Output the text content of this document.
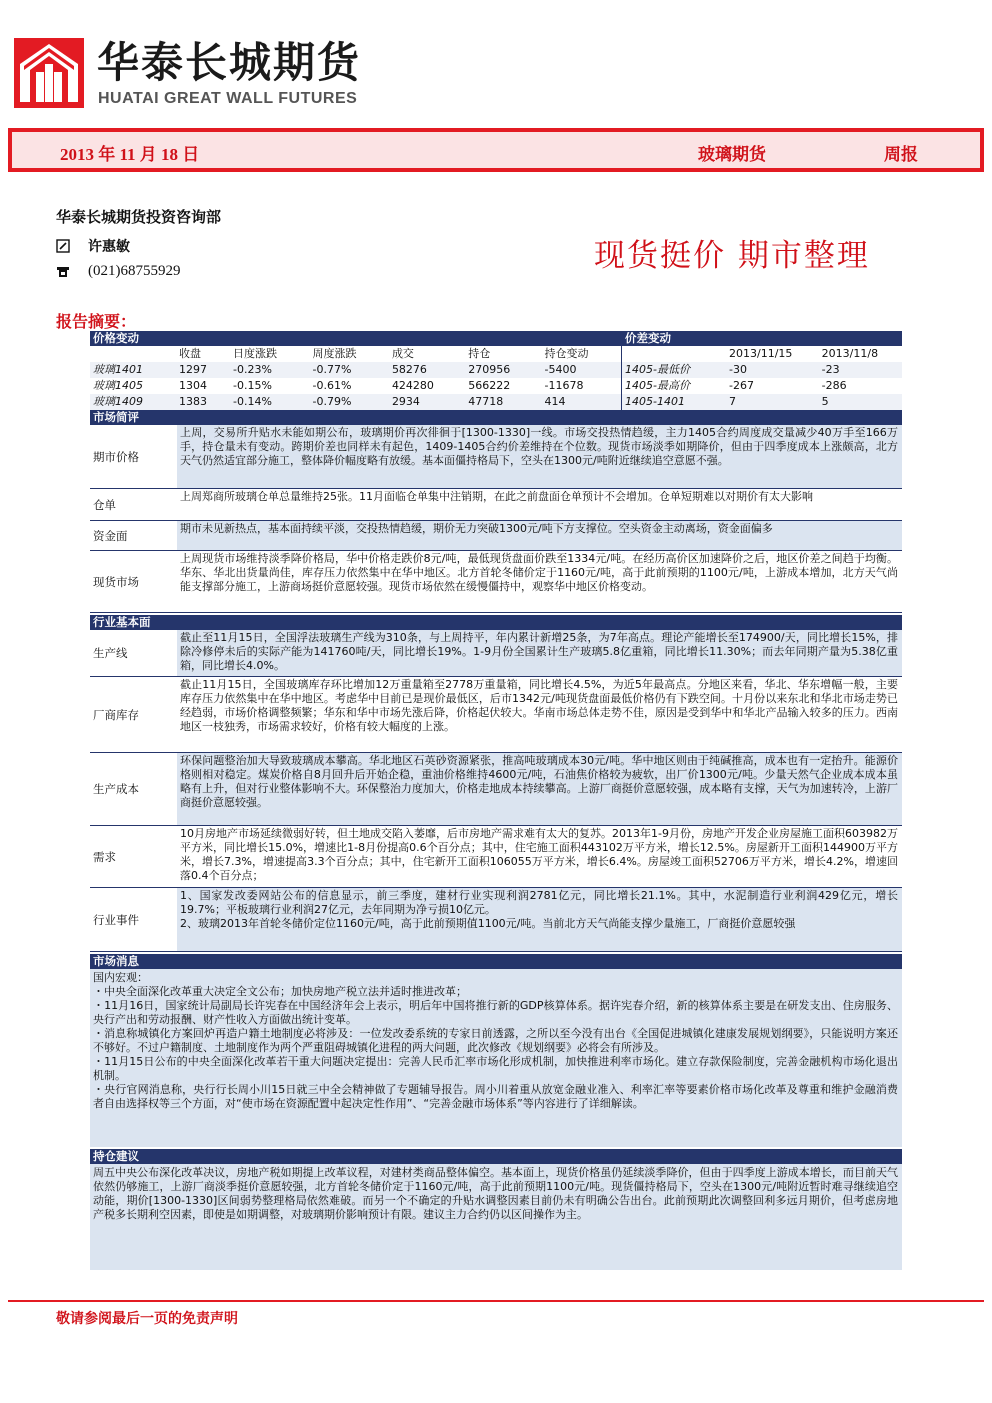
华泰长城期货
HUATAI GREAT WALL FUTURES
2013 年 11 月 18 日	玻璃期货	周报
华泰长城期货投资咨询部
许惠敏
(021)68755929	现货挺价 期市整理
报告摘要：
价格变动
	收盘	日度涨跌	周度涨跌	成交	持仓	持仓变动
玻璃1401	1297	-0.23%	-0.77%	58276	270956	-5400
玻璃1405	1304	-0.15%	-0.61%	424280	566222	-11678
玻璃1409	1383	-0.14%	-0.79%	2934	47718	414
价差变动
	2013/11/15	2013/11/8
1405-最低价	-30	-23
1405-最高价	-267	-286
1405-1401	7	5
市场简评
期市价格
上周，交易所升贴水未能如期公布，玻璃期价再次徘徊于[1300-1330]一线。市场交投热情趋缓，主力1405合约周度成交量减少40万手至166万手，持仓量未有变动。跨期价差也同样未有起色，1409-1405合约价差维持在个位数。现货市场淡季如期降价，但由于四季度成本上涨颇高，北方天气仍然适宜部分施工，整体降价幅度略有放缓。基本面僵持格局下，空头在1300元/吨附近继续追空意愿不强。
仓单
上周郑商所玻璃仓单总量维持25张。11月面临仓单集中注销期，在此之前盘面仓单预计不会增加。仓单短期难以对期价有太大影响
资金面	期市未见新热点，基本面持续平淡，交投热情趋缓，期价无力突破1300元/吨下方支撑位。空头资金主动离场，资金面偏多
现货市场
上周现货市场维持淡季降价格局，华中价格走跌价8元/吨，最低现货盘面价跌至1334元/吨。在经历高价区加速降价之后，地区价差之间趋于均衡。华东、华北出货量尚佳，库存压力依然集中在华中地区。北方首轮冬储价定于1160元/吨，高于此前预期的1100元/吨，上游成本增加，北方天气尚能支撑部分施工，上游商场挺价意愿较强。现货市场依然在缓慢僵持中，观察华中地区价格变动。
行业基本面
生产线
截止至11月15日，全国浮法玻璃生产线为310条，与上周持平，年内累计新增25条，为7年高点。理论产能增长至174900/天，同比增长15%，排除冷修停未后的实际产能为141760吨/天，同比增长19%。1-9月份全国累计生产玻璃5.8亿重箱，同比增长11.30%；而去年同期产量为5.38亿重箱，同比增长4.0%。
厂商库存
截止11月15日，全国玻璃库存环比增加12万重量箱至2778万重量箱，同比增长4.5%，为近5年最高点。分地区来看，华北、华东增幅一般，主要库存压力依然集中在华中地区。考虑华中目前已是现价最低区，后市1342元/吨现货盘面最低价格仍有下跌空间。十月份以来东北和华北市场走势已经趋弱，市场价格调整频繁；华东和华中市场先涨后降，价格起伏较大。华南市场总体走势不佳，原因是受到华中和华北产品输入较多的压力。西南地区一枝独秀，市场需求较好，价格有较大幅度的上涨。
生产成本
环保问题整治加大导致玻璃成本攀高。华北地区石英砂资源紧张，推高吨玻璃成本30元/吨。华中地区则由于纯碱推高，成本也有一定抬升。能源价格则相对稳定。煤炭价格自8月回升后开始企稳，重油价格维持4600元/吨，石油焦价格较为疲软，出厂价1300元/吨。少量天然气企业成本成本虽略有上升，但对行业整体影响不大。环保整治力度加大，价格走地成本持续攀高。上游厂商挺价意愿较强，成本略有支撑，天气为加速转冷，上游厂商挺价意愿较强。
需求
10月房地产市场延续微弱好转，但土地成交陷入萎靡，后市房地产需求难有太大的复苏。2013年1-9月份，房地产开发企业房屋施工面积603982万平方米，同比增长15.0%，增速比1-8月份提高0.6个百分点；其中，住宅施工面积443102万平方米，增长12.5%。房屋新开工面积144900万平方米，增长7.3%，增速提高3.3个百分点；其中，住宅新开工面积106055万平方米，增长6.4%。房屋竣工面积52706万平方米，增长4.2%，增速回落0.4个百分点；
行业事件
1、国家发改委网站公布的信息显示，前三季度，建材行业实现利润2781亿元，同比增长21.1%。其中，水泥制造行业利润429亿元，增长19.7%；平板玻璃行业利润27亿元，去年同期为净亏损10亿元。
2、玻璃2013年首轮冬储价定位1160元/吨，高于此前预期值1100元/吨。当前北方天气尚能支撑少量施工，厂商挺价意愿较强
市场消息
国内宏观：
・中央全面深化改革重大决定全文公布；加快房地产税立法并适时推进改革；
・11月16日，国家统计局副局长许宪春在中国经济年会上表示，明后年中国将推行新的GDP核算体系。据许宪春介绍，新的核算体系主要是在研发支出、住房服务、央行产出和劳动报酬、财产性收入方面做出统计变革。
・消息称城镇化方案回炉再造户籍土地制度必将涉及：一位发改委系统的专家日前透露，之所以至今没有出台《全国促进城镇化建康发展规划纲要》，只能说明方案还不够好。不过户籍制度、土地制度作为两个严重阻碍城镇化进程的两大问题，此次修改《规划纲要》必将会有所涉及。
・11月15日公布的中央全面深化改革若干重大问题决定提出：完善人民币汇率市场化形成机制，加快推进利率市场化。建立存款保险制度，完善金融机构市场化退出机制。
・央行官网消息称，央行行长周小川15日就三中全会精神做了专题辅导报告。周小川着重从放宽金融业准入、利率汇率等要素价格市场化改革及尊重和维护金融消费者自由选择权等三个方面，对“使市场在资源配置中起决定性作用”、“完善金融市场体系”等内容进行了详细解读。
持仓建议
周五中央公布深化改革决议，房地产税如期提上改革议程，对建材类商品整体偏空。基本面上，现货价格虽仍延续淡季降价，但由于四季度上游成本增长，而目前天气依然仍够施工，上游厂商淡季挺价意愿较强，北方首轮冬储价定于1160元/吨，高于此前预期1100元/吨。现货僵持格局下，空头在1300元/吨附近暂时难寻继续追空动能，期价[1300-1330]区间弱势整理格局依然难破。而另一个不确定的升贴水调整因素目前仍未有明确公告出台。此前预期此次调整回利多远月期价，但考虑房地产税多长期利空因素，即使是如期调整，对玻璃期价影响预计有限。建议主力合约仍以区间操作为主。
敬请参阅最后一页的免责声明
